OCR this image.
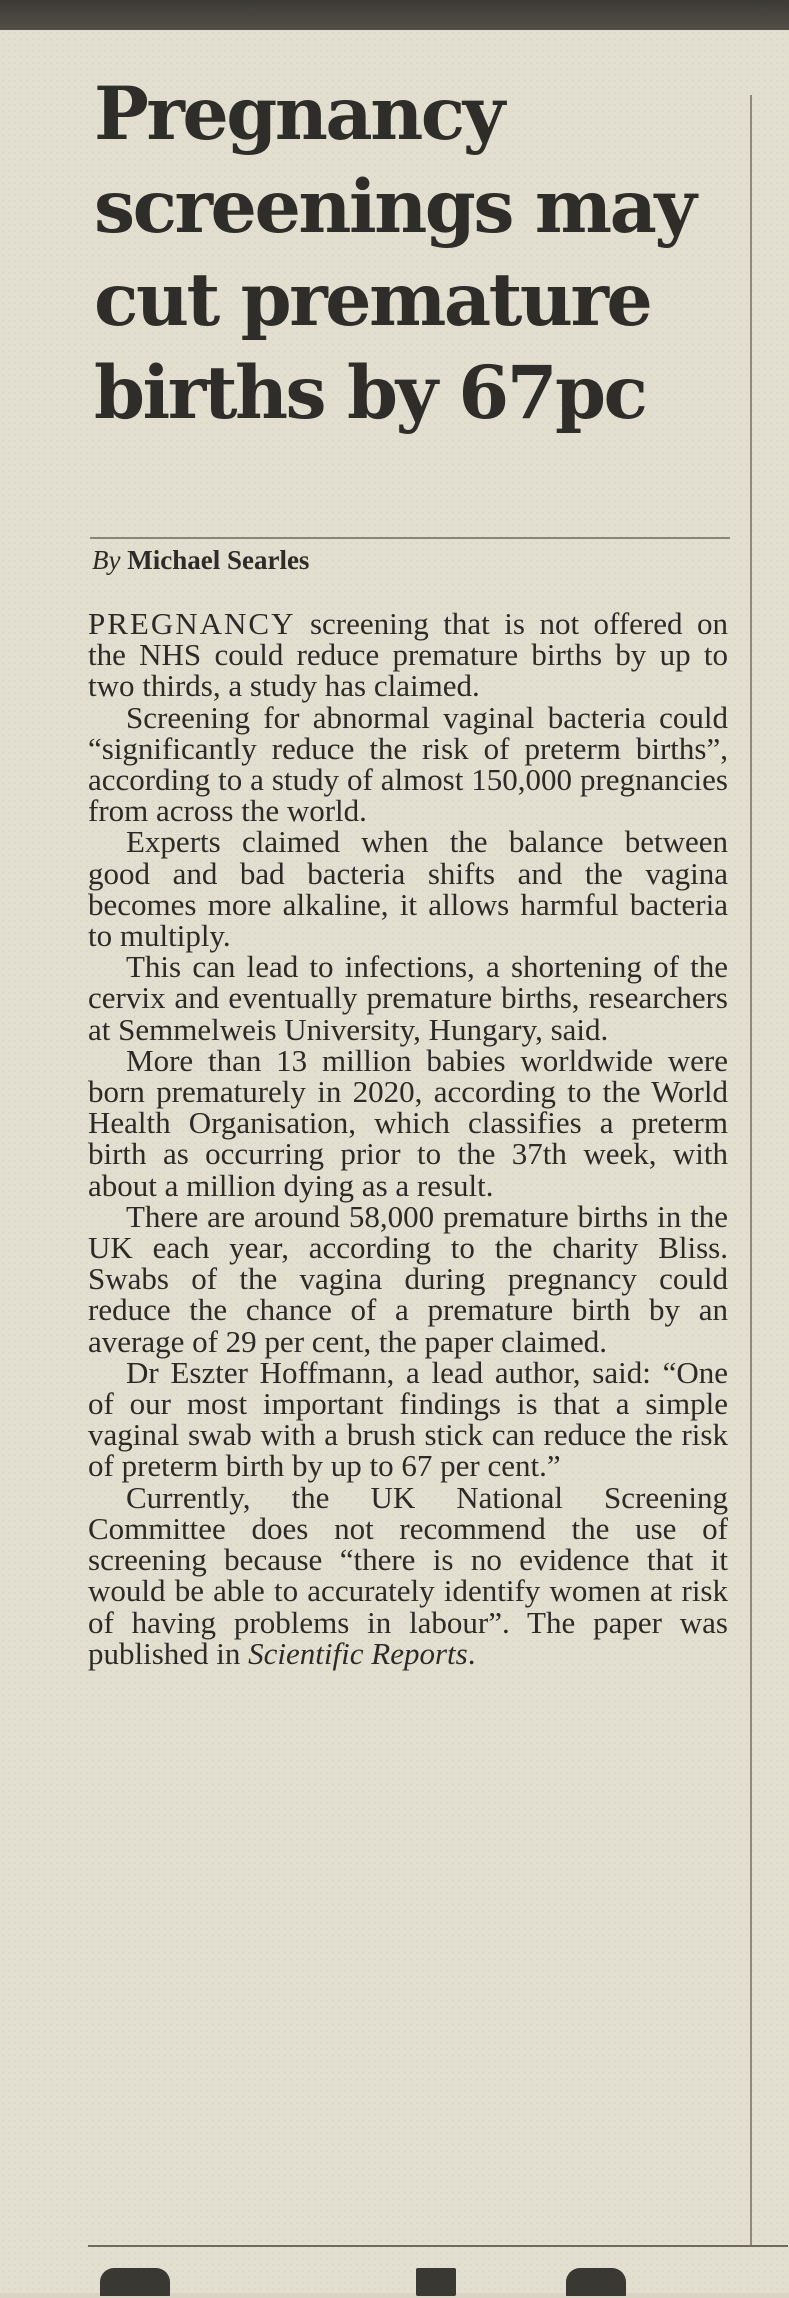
Pregnancy screenings may cut premature births by 67pc
By Michael Searles

PREGNANCY screening that is not offered on the NHS could reduce premature births by up to two thirds, a study has claimed.

Screening for abnormal vaginal bacteria could “significantly reduce the risk of preterm births”, according to a study of almost 150,000 pregnancies from across the world.

Experts claimed when the balance between good and bad bacteria shifts and the vagina becomes more alkaline, it allows harmful bacteria to multiply.

This can lead to infections, a shortening of the cervix and eventually premature births, researchers at Semmelweis University, Hungary, said.

More than 13 million babies worldwide were born prematurely in 2020, according to the World Health Organisation, which classifies a preterm birth as occurring prior to the 37th week, with about a million dying as a result.

There are around 58,000 premature births in the UK each year, according to the charity Bliss. Swabs of the vagina during pregnancy could reduce the chance of a premature birth by an average of 29 per cent, the paper claimed.

Dr Eszter Hoffmann, a lead author, said: “One of our most important findings is that a simple vaginal swab with a brush stick can reduce the risk of preterm birth by up to 67 per cent.”

Currently, the UK National Screening Committee does not recommend the use of screening because “there is no evidence that it would be able to accurately identify women at risk of having problems in labour”. The paper was published in Scientific Reports.
